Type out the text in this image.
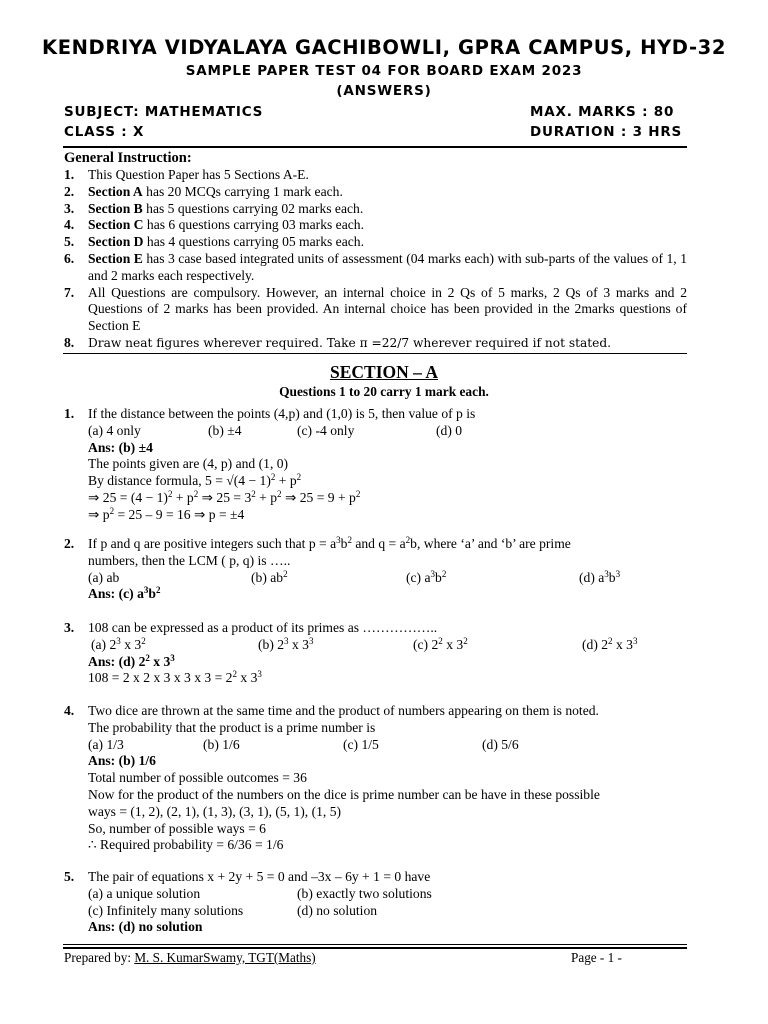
KENDRIYA VIDYALAYA GACHIBOWLI, GPRA CAMPUS, HYD-32
SAMPLE PAPER TEST 04 FOR BOARD EXAM 2023
(ANSWERS)
SUBJECT: MATHEMATICS	MAX. MARKS : 80
CLASS : X	DURATION : 3 HRS
General Instruction:
1.	This Question Paper has 5 Sections A-E.
2.	Section A has 20 MCQs carrying 1 mark each.
3.	Section B has 5 questions carrying 02 marks each.
4.	Section C has 6 questions carrying 03 marks each.
5.	Section D has 4 questions carrying 05 marks each.
6.	Section E has 3 case based integrated units of assessment (04 marks each) with sub-parts of the values of 1, 1 and 2 marks each respectively.
7.	All Questions are compulsory. However, an internal choice in 2 Qs of 5 marks, 2 Qs of 3 marks and 2 Questions of 2 marks has been provided. An internal choice has been provided in the 2marks questions of Section E
8.	Draw neat figures wherever required. Take π =22/7 wherever required if not stated.
SECTION – A
Questions 1 to 20 carry 1 mark each.
1. If the distance between the points (4,p) and (1,0) is 5, then value of p is
(a) 4 only	(b) ±4	(c) -4 only	(d) 0
Ans: (b) ±4
The points given are (4, p) and (1, 0)
By distance formula, $5 = √(4 - 1)^2 + p^2$
⇒ $25 = (4 - 1)^2 + p^2$ ⇒ $25 = 3^2 + p^2$ ⇒ $25 = 9 + p^2$
⇒ $p^2 = 25 - 9 = 16$ ⇒ p = ±4
2. If p and q are positive integers such that $p = a^3b^2$ and $q = a^2b$, where ‘a’ and ‘b’ are prime
numbers, then the LCM ( p, q) is …..
(a) ab	(b) $ab^2$	(c) $a^3b^2$	(d) $a^3b^3$
Ans: (c) $a^3b^2$
3. 108 can be expressed as a product of its primes as ……………..
(a) $2^3$ x $3^2$	(b) $2^3$ x $3^3$	(c) $2^2$ x $3^2$	(d) $2^2$ x $3^3$
Ans: (d) $2^2$ x $3^3$
108 = 2 x 2 x 3 x 3 x $3 = 2^2$ x $3^3$
4. Two dice are thrown at the same time and the product of numbers appearing on them is noted.
The probability that the product is a prime number is
(a) 1/3	(b) 1/6	(c) 1/5	(d) 5/6
Ans: (b) 1/6
Total number of possible outcomes = 36
Now for the product of the numbers on the dice is prime number can be have in these possible
ways = (1, 2), (2, 1), (1, 3), (3, 1), (5, 1), (1, 5)
So, number of possible ways = 6
∴ Required probability = 6/36 = 1/6
5. The pair of equations x + 2y + 5 = 0 and –3x – 6y + 1 = 0 have
(a) a unique solution	(b) exactly two solutions
(c) Infinitely many solutions	(d) no solution
Ans: (d) no solution
Prepared by: M. S. KumarSwamy, TGT(Maths)	Page - 1 -
